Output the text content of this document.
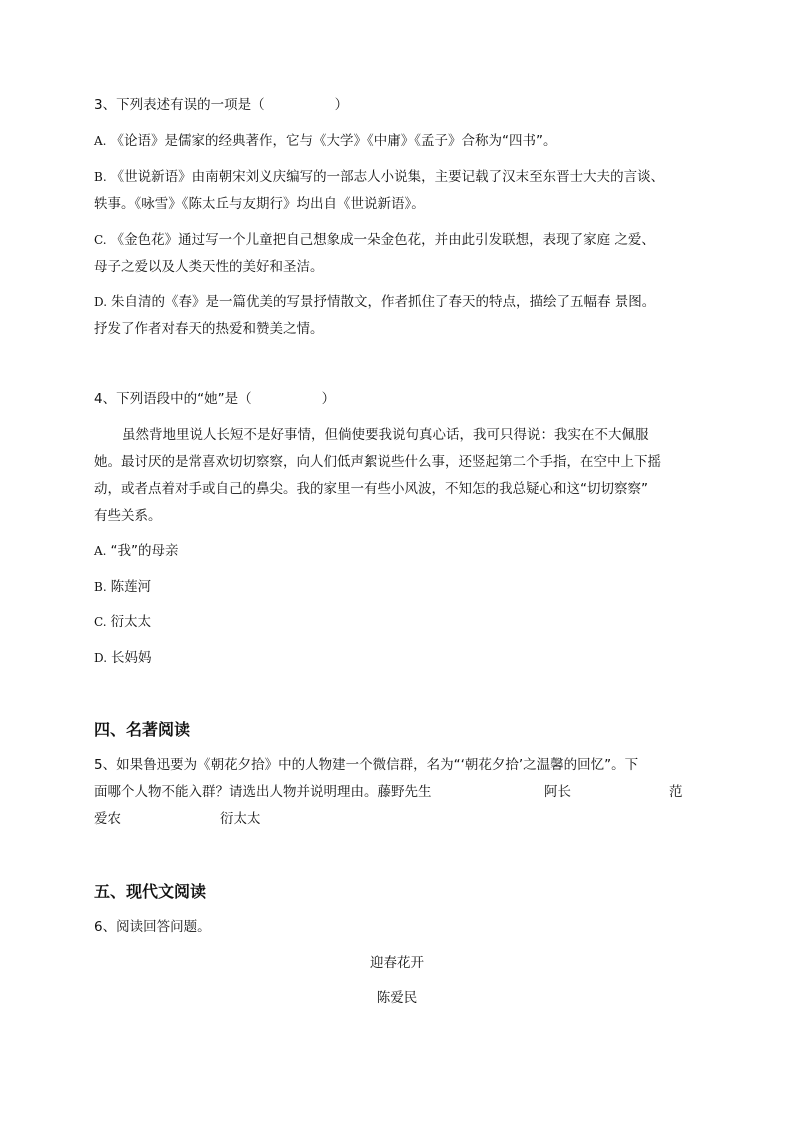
3、下列表述有误的一项是（	）
A. 《论语》是儒家的经典著作，它与《大学》《中庸》《孟子》合称为“四书”。
B. 《世说新语》由南朝宋刘义庆编写的一部志人小说集，主要记载了汉末至东晋士大夫的言谈、
轶事。《咏雪》《陈太丘与友期行》均出自《世说新语》。
C. 《金色花》通过写一个儿童把自己想象成一朵金色花，并由此引发联想，表现了家庭 之爱、
母子之爱以及人类天性的美好和圣洁。
D. 朱自清的《春》是一篇优美的写景抒情散文，作者抓住了春天的特点，描绘了五幅春 景图。
抒发了作者对春天的热爱和赞美之情。
4、下列语段中的“她”是（	）
虽然背地里说人长短不是好事情，但倘使要我说句真心话，我可只得说：我实在不大佩服
她。最讨厌的是常喜欢切切察察，向人们低声絮说些什么事，还竖起第二个手指，在空中上下摇
动，或者点着对手或自己的鼻尖。我的家里一有些小风波，不知怎的我总疑心和这“切切察察”
有些关系。
A. “我”的母亲
B. 陈莲河
C. 衍太太
D. 长妈妈
四、名著阅读
5、如果鲁迅要为《朝花夕拾》中的人物建一个微信群，名为“‘朝花夕拾’之温馨的回忆”。下
面哪个人物不能入群？请选出人物并说明理由。藤野先生	阿长	范
爱农	衍太太
五、现代文阅读
6、阅读回答问题。
迎春花开
陈爱民
